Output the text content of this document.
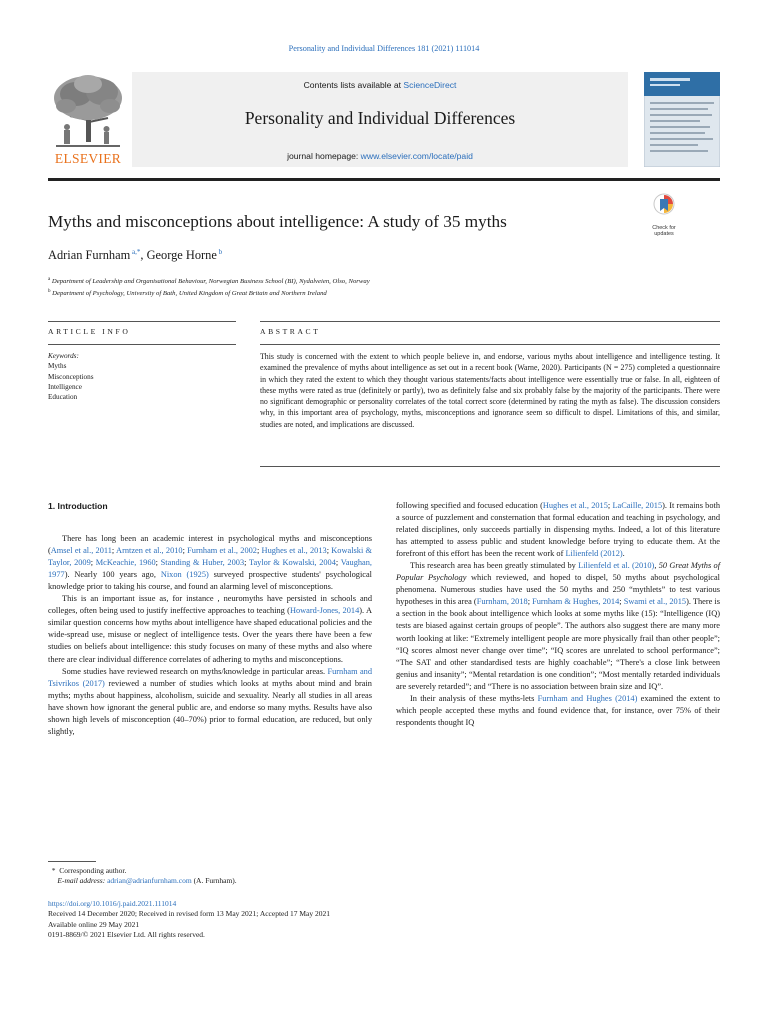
Personality and Individual Differences 181 (2021) 111014
ELSEVIER
Contents lists available at ScienceDirect
Personality and Individual Differences
journal homepage: www.elsevier.com/locate/paid
Myths and misconceptions about intelligence: A study of 35 myths	Check for
updates
Adrian Furnham $^{a,*}$, George Horne $^b$
$^a$ Department of Leadership and Organisational Behaviour, Norwegian Business School (BI), Nydalveien, Olso, Norway
$^b$ Department of Psychology, University of Bath, United Kingdom of Great Britain and Northern Ireland
ARTICLE INFO	ABSTRACT
Keywords:
Myths
Misconceptions
Intelligence
Education
This study is concerned with the extent to which people believe in, and endorse, various myths about intelligence and intelligence testing. It examined the prevalence of myths about intelligence as set out in a recent book (Warne, 2020). Participants (N = 275) completed a questionnaire in which they rated the extent to which they thought various statements/facts about intelligence were essentially true or false. In all, eighteen of these myths were rated as true (definitely or partly), two as definitely false and six probably false by the majority of the participants. There were no significant demographic or personality correlates of the total correct score (determined by rating the myth as false). The discussion considers why, in this important area of psychology, myths, misconceptions and ignorance seem so difficult to dispel. Limitations of this, and similar, studies are noted, and implications are discussed.

1. Introduction

There has long been an academic interest in psychological myths and misconceptions (Amsel et al., 2011; Arntzen et al., 2010; Furnham et al., 2002; Hughes et al., 2013; Kowalski & Taylor, 2009; McKeachie, 1960; Standing & Huber, 2003; Taylor & Kowalski, 2004; Vaughan, 1977). Nearly 100 years ago, Nixon (1925) surveyed prospective students' psychological knowledge prior to taking his course, and found an alarming level of misconceptions.

This is an important issue as, for instance , neuromyths have persisted in schools and colleges, often being used to justify ineffective approaches to teaching (Howard-Jones, 2014). A similar question concerns how myths about intelligence have shaped educational policies and the wide-spread use, misuse or neglect of intelligence tests. Over the years there have been a few studies on beliefs about intelligence: this study focuses on many of these myths and also where there are clear individual difference correlates of adhering to myths and misconceptions.

Some studies have reviewed research on myths/knowledge in particular areas. Furnham and Tsivrikos (2017) reviewed a number of studies which looks at myths about mind and brain myths; myths about happiness, alcoholism, suicide and sexuality. Nearly all studies in all areas have shown how ignorant the general public are, and endorse so many myths. Results have also shown high levels of misconception (40–70%) prior to formal education, are reduced, but only slightly,

following specified and focused education (Hughes et al., 2015; LaCaille, 2015). It remains both a source of puzzlement and consternation that formal education and teaching in psychology, and related disciplines, only succeeds partially in dispensing myths. Indeed, a lot of this literature has attempted to assess public and student knowledge before trying to educate them. At the forefront of this effort has been the recent work of Lilienfeld (2012).

This research area has been greatly stimulated by Lilienfeld et al. (2010), 50 Great Myths of Popular Psychology which reviewed, and hoped to dispel, 50 myths about psychological phenomena. Numerous studies have used the 50 myths and 250 “mythlets” to test various hypotheses in this area (Furnham, 2018; Furnham & Hughes, 2014; Swami et al., 2015). There is a section in the book about intelligence which looks at some myths like (15): “Intelligence (IQ) tests are biased against certain groups of people”. The authors also suggest there are many more worth looking at like: “Extremely intelligent people are more physically frail than other people”; “IQ scores almost never change over time”; “IQ scores are unrelated to school performance”; “The SAT and other standardised tests are highly coachable”; “There's a close link between genius and insanity”; “Mental retardation is one condition”; “Most mentally retarded individuals are severely retarded”; and “There is no association between brain size and IQ”.

In their analysis of these myths-lets Furnham and Hughes (2014) examined the extent to which people accepted these myths and found evidence that, for instance, over 75% of their respondents thought IQ

* Corresponding author.
E-mail address: adrian@adrianfurnham.com (A. Furnham).
https://doi.org/10.1016/j.paid.2021.111014
Received 14 December 2020; Received in revised form 13 May 2021; Accepted 17 May 2021
Available online 29 May 2021
0191-8869/© 2021 Elsevier Ltd. All rights reserved.
